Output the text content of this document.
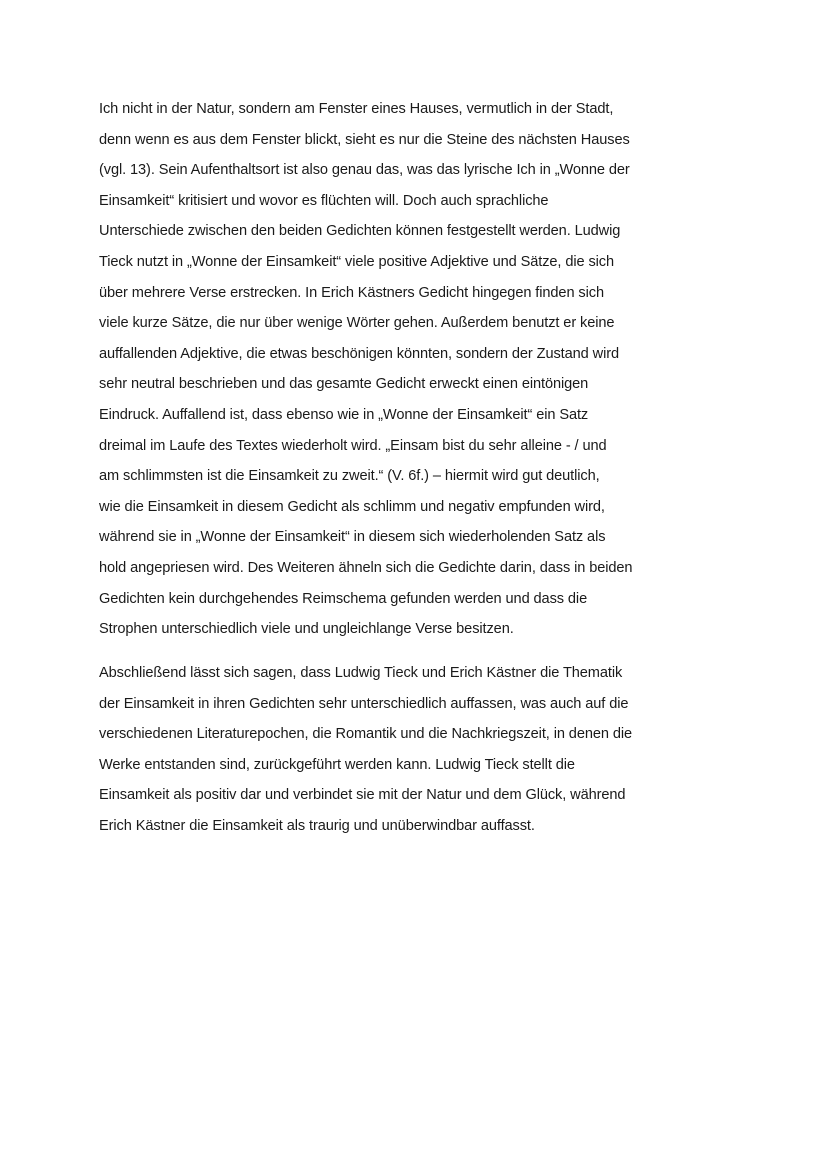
Ich nicht in der Natur, sondern am Fenster eines Hauses, vermutlich in der Stadt,
denn wenn es aus dem Fenster blickt, sieht es nur die Steine des nächsten Hauses
(vgl. 13). Sein Aufenthaltsort ist also genau das, was das lyrische Ich in „Wonne der
Einsamkeit“ kritisiert und wovor es flüchten will. Doch auch sprachliche
Unterschiede zwischen den beiden Gedichten können festgestellt werden. Ludwig
Tieck nutzt in „Wonne der Einsamkeit“ viele positive Adjektive und Sätze, die sich
über mehrere Verse erstrecken. In Erich Kästners Gedicht hingegen finden sich
viele kurze Sätze, die nur über wenige Wörter gehen. Außerdem benutzt er keine
auffallenden Adjektive, die etwas beschönigen könnten, sondern der Zustand wird
sehr neutral beschrieben und das gesamte Gedicht erweckt einen eintönigen
Eindruck. Auffallend ist, dass ebenso wie in „Wonne der Einsamkeit“ ein Satz
dreimal im Laufe des Textes wiederholt wird. „Einsam bist du sehr alleine - / und
am schlimmsten ist die Einsamkeit zu zweit.“ (V. 6f.) – hiermit wird gut deutlich,
wie die Einsamkeit in diesem Gedicht als schlimm und negativ empfunden wird,
während sie in „Wonne der Einsamkeit“ in diesem sich wiederholenden Satz als
hold angepriesen wird. Des Weiteren ähneln sich die Gedichte darin, dass in beiden
Gedichten kein durchgehendes Reimschema gefunden werden und dass die
Strophen unterschiedlich viele und ungleichlange Verse besitzen.
Abschließend lässt sich sagen, dass Ludwig Tieck und Erich Kästner die Thematik
der Einsamkeit in ihren Gedichten sehr unterschiedlich auffassen, was auch auf die
verschiedenen Literaturepochen, die Romantik und die Nachkriegszeit, in denen die
Werke entstanden sind, zurückgeführt werden kann. Ludwig Tieck stellt die
Einsamkeit als positiv dar und verbindet sie mit der Natur und dem Glück, während
Erich Kästner die Einsamkeit als traurig und unüberwindbar auffasst.
